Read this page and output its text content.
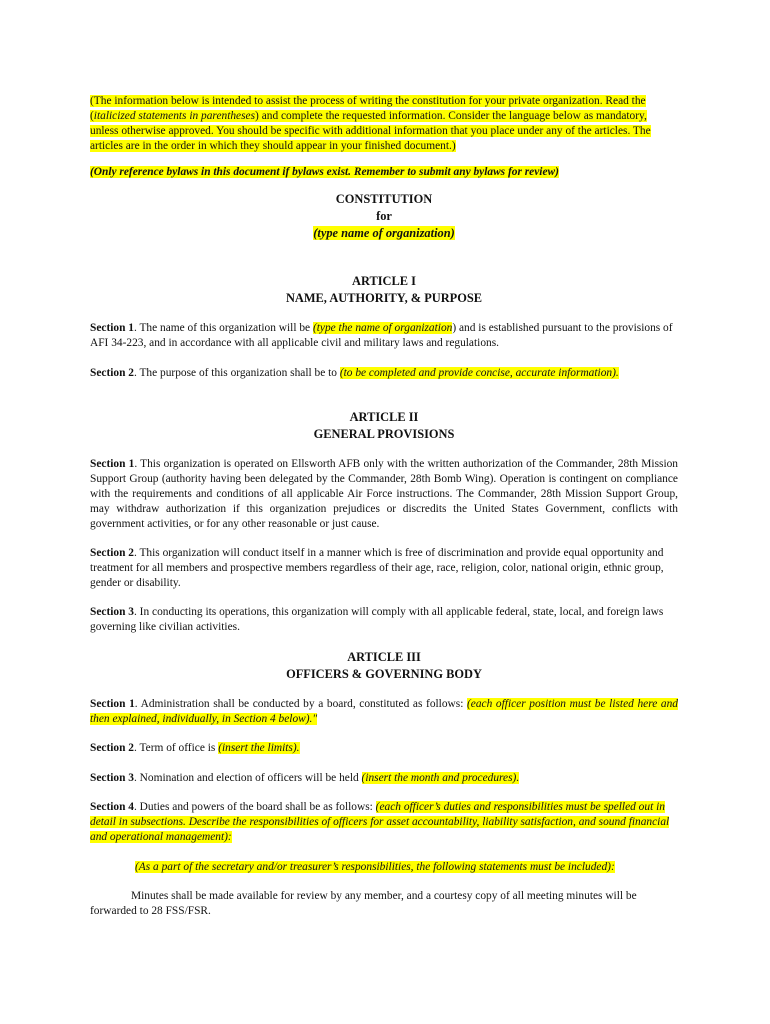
(The information below is intended to assist the process of writing the constitution for your private organization. Read the (italicized statements in parentheses) and complete the requested information. Consider the language below as mandatory, unless otherwise approved. You should be specific with additional information that you place under any of the articles. The articles are in the order in which they should appear in your finished document.)

(Only reference bylaws in this document if bylaws exist. Remember to submit any bylaws for review)

CONSTITUTION
for
(type name of organization)
ARTICLE I
NAME, AUTHORITY, & PURPOSE

Section 1. The name of this organization will be (type the name of organization) and is established pursuant to the provisions of AFI 34-223, and in accordance with all applicable civil and military laws and regulations.

Section 2. The purpose of this organization shall be to (to be completed and provide concise, accurate information).

ARTICLE II
GENERAL PROVISIONS

Section 1. This organization is operated on Ellsworth AFB only with the written authorization of the Commander, 28th Mission Support Group (authority having been delegated by the Commander, 28th Bomb Wing). Operation is contingent on compliance with the requirements and conditions of all applicable Air Force instructions. The Commander, 28th Mission Support Group, may withdraw authorization if this organization prejudices or discredits the United States Government, conflicts with government activities, or for any other reasonable or just cause.

Section 2. This organization will conduct itself in a manner which is free of discrimination and provide equal opportunity and treatment for all members and prospective members regardless of their age, race, religion, color, national origin, ethnic group, gender or disability.

Section 3. In conducting its operations, this organization will comply with all applicable federal, state, local, and foreign laws governing like civilian activities.

ARTICLE III
OFFICERS & GOVERNING BODY

Section 1. Administration shall be conducted by a board, constituted as follows: (each officer position must be listed here and then explained, individually, in Section 4 below)."

Section 2. Term of office is (insert the limits).

Section 3. Nomination and election of officers will be held (insert the month and procedures).

Section 4. Duties and powers of the board shall be as follows: (each officer’s duties and responsibilities must be spelled out in detail in subsections. Describe the responsibilities of officers for asset accountability, liability satisfaction, and sound financial and operational management):

(As a part of the secretary and/or treasurer’s responsibilities, the following statements must be included):

Minutes shall be made available for review by any member, and a courtesy copy of all meeting minutes will be forwarded to 28 FSS/FSR.
